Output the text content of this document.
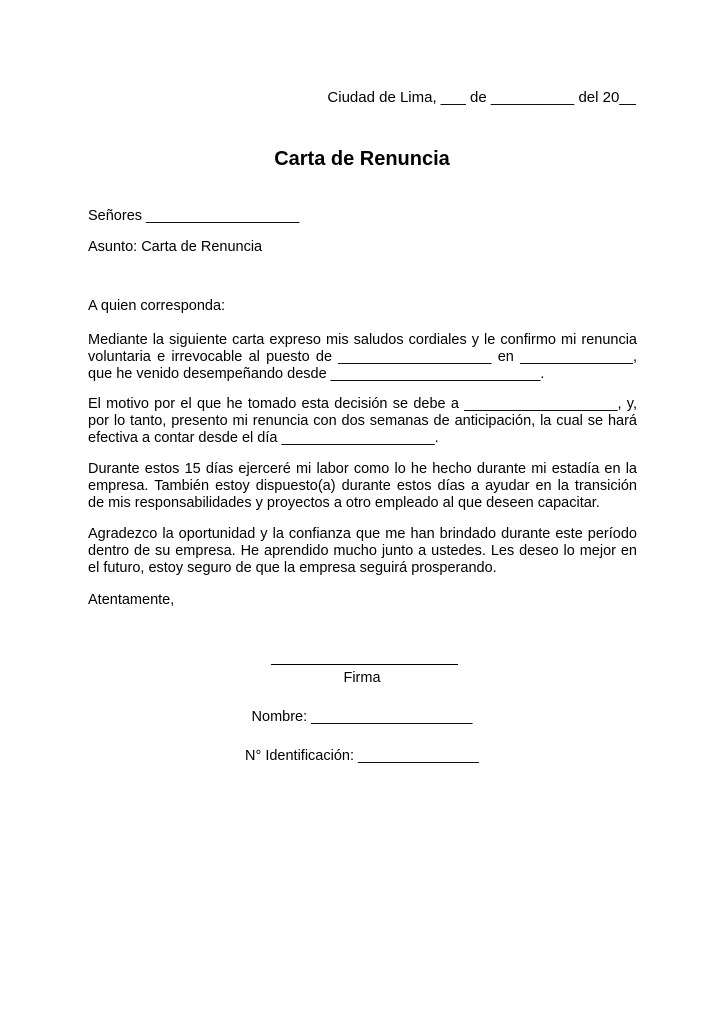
Ciudad de Lima, ___ de __________ del 20__
Carta de Renuncia
Señores ___________________
Asunto: Carta de Renuncia
A quien corresponda:
Mediante la siguiente carta expreso mis saludos cordiales y le confirmo mi renuncia
voluntaria e irrevocable al puesto de ___________________ en ______________,
que he venido desempeñando desde __________________________.
El motivo por el que he tomado esta decisión se debe a ___________________, y,
por lo tanto, presento mi renuncia con dos semanas de anticipación, la cual se hará
efectiva a contar desde el día ___________________.
Durante estos 15 días ejerceré mi labor como lo he hecho durante mi estadía en la
empresa. También estoy dispuesto(a) durante estos días a ayudar en la transición
de mis responsabilidades y proyectos a otro empleado al que deseen capacitar.
Agradezco la oportunidad y la confianza que me han brindado durante este período
dentro de su empresa. He aprendido mucho junto a ustedes. Les deseo lo mejor en
el futuro, estoy seguro de que la empresa seguirá prosperando.
Atentamente,
Firma
Nombre: ____________________
N° Identificación: _______________
